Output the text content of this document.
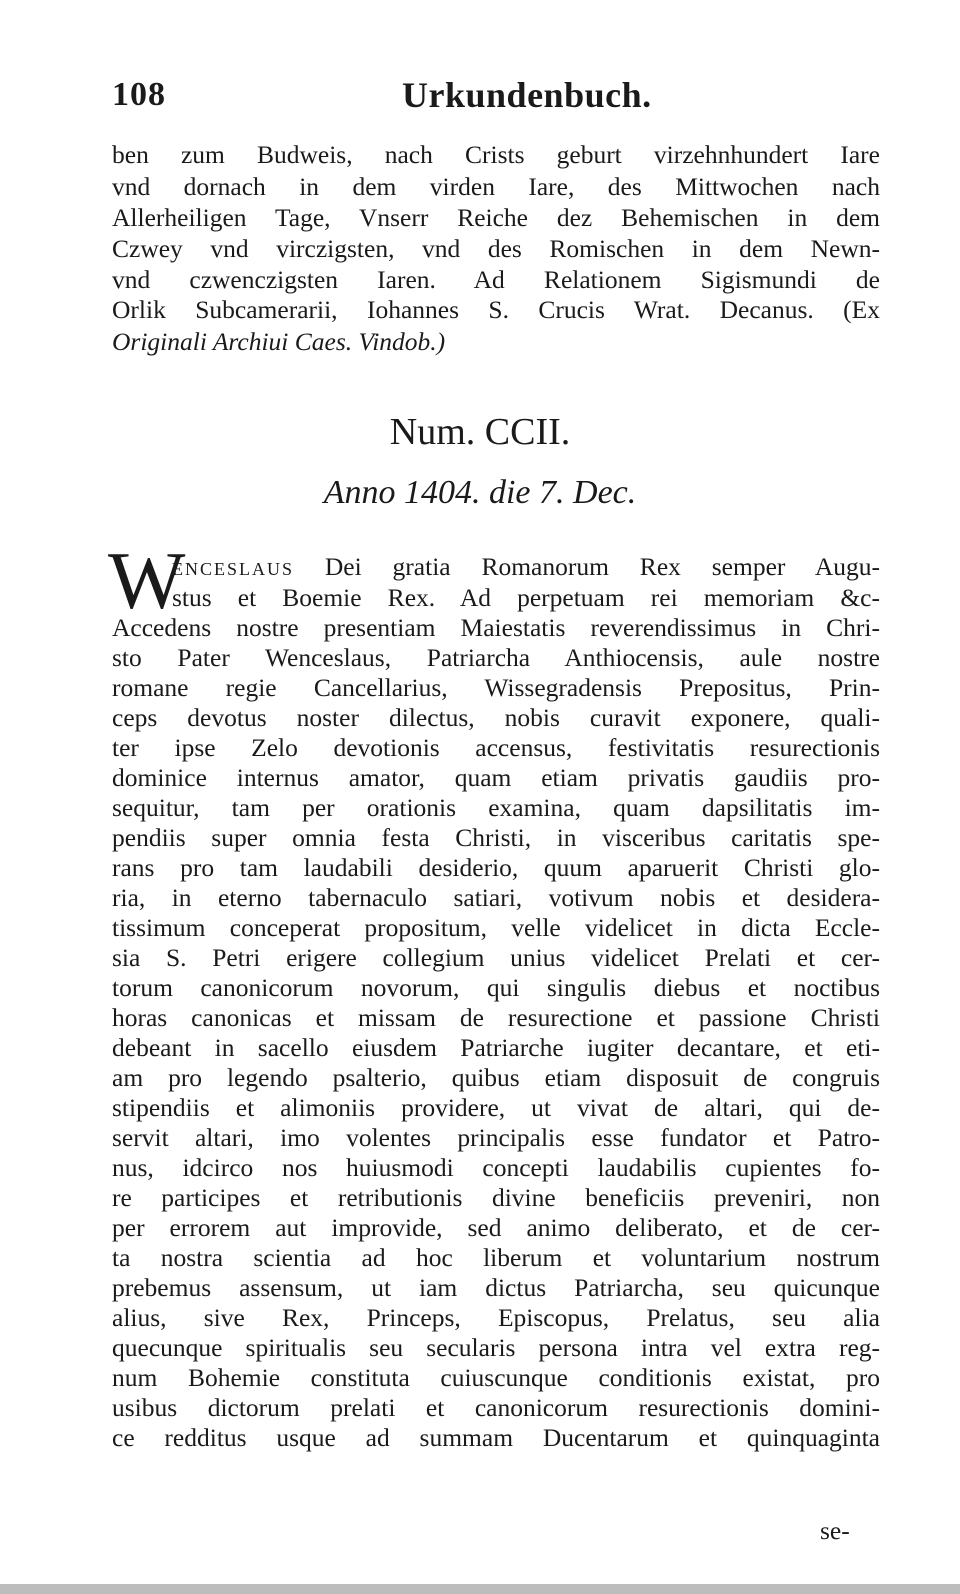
108	Urkundenbuch.
ben zum Budweis, nach Crists geburt virzehnhundert Iare
vnd dornach in dem virden Iare, des Mittwochen nach
Allerheiligen Tage, Vnserr Reiche dez Behemischen in dem
Czwey vnd virczigsten, vnd des Romischen in dem Newn-
vnd czwenczigsten Iaren. Ad Relationem Sigismundi de
Orlik Subcamerarii, Iohannes S. Crucis Wrat. Decanus. (Ex
Originali Archiui Caes. Vindob.)
Num. CCII.
Anno 1404. die 7. Dec.
W
enceslaus Dei gratia Romanorum Rex semper Augu-
stus et Boemie Rex. Ad perpetuam rei memoriam &c-
Accedens nostre presentiam Maiestatis reverendissimus in Chri-
sto Pater Wenceslaus, Patriarcha Anthiocensis, aule nostre
romane regie Cancellarius, Wissegradensis Prepositus, Prin-
ceps devotus noster dilectus, nobis curavit exponere, quali-
ter ipse Zelo devotionis accensus, festivitatis resurectionis
dominice internus amator, quam etiam privatis gaudiis pro-
sequitur, tam per orationis examina, quam dapsilitatis im-
pendiis super omnia festa Christi, in visceribus caritatis spe-
rans pro tam laudabili desiderio, quum aparuerit Christi glo-
ria, in eterno tabernaculo satiari, votivum nobis et desidera-
tissimum conceperat propositum, velle videlicet in dicta Eccle-
sia S. Petri erigere collegium unius videlicet Prelati et cer-
torum canonicorum novorum, qui singulis diebus et noctibus
horas canonicas et missam de resurectione et passione Christi
debeant in sacello eiusdem Patriarche iugiter decantare, et eti-
am pro legendo psalterio, quibus etiam disposuit de congruis
stipendiis et alimoniis providere, ut vivat de altari, qui de-
servit altari, imo volentes principalis esse fundator et Patro-
nus, idcirco nos huiusmodi concepti laudabilis cupientes fo-
re participes et retributionis divine beneficiis preveniri, non
per errorem aut improvide, sed animo deliberato, et de cer-
ta nostra scientia ad hoc liberum et voluntarium nostrum
prebemus assensum, ut iam dictus Patriarcha, seu quicunque
alius, sive Rex, Princeps, Episcopus, Prelatus, seu alia
quecunque spiritualis seu secularis persona intra vel extra reg-
num Bohemie constituta cuiuscunque conditionis existat, pro
usibus dictorum prelati et canonicorum resurectionis domini-
ce redditus usque ad summam Ducentarum et quinquaginta
se-
